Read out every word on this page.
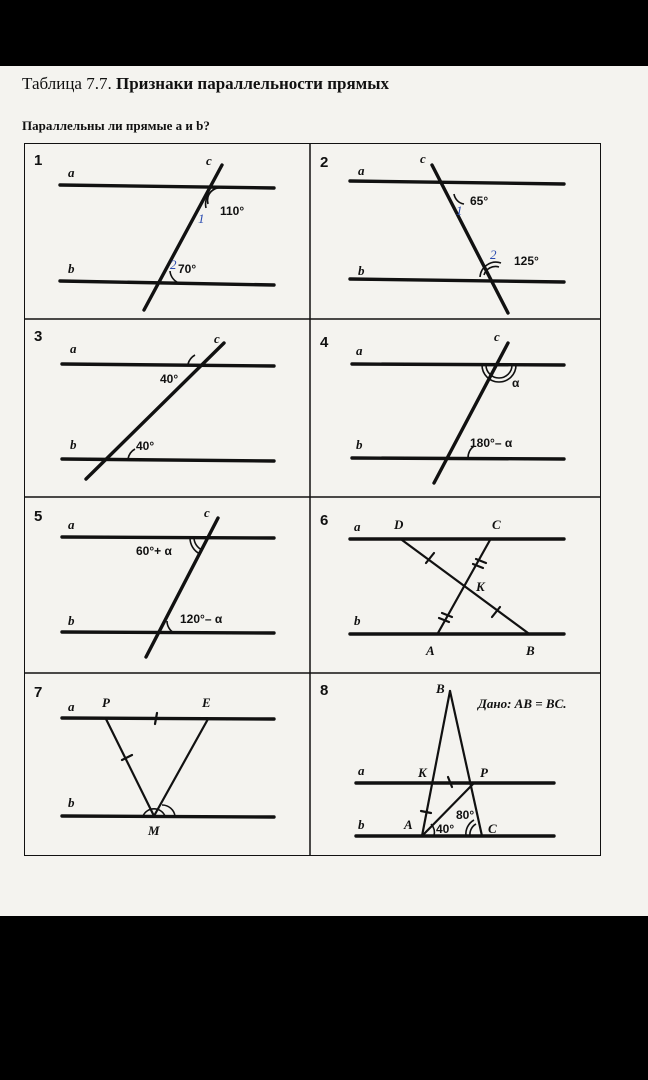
Таблица 7.7. Признаки параллельности прямых
Параллельны ли прямые a и b?
1
a
b
c
110°
70°
1
2
2 a
b
c
65°
125°
1
2
3
a
b
c
40°
40°
4 a
b
c
α
180°– α
5 a
b
c
60°+ α
120°– α
6 a
b
D	C
K
A	B
7
a
b
P	E
M
8
a
b
B
K	P
A	C
80°
40°
Дано: AB = BC.
